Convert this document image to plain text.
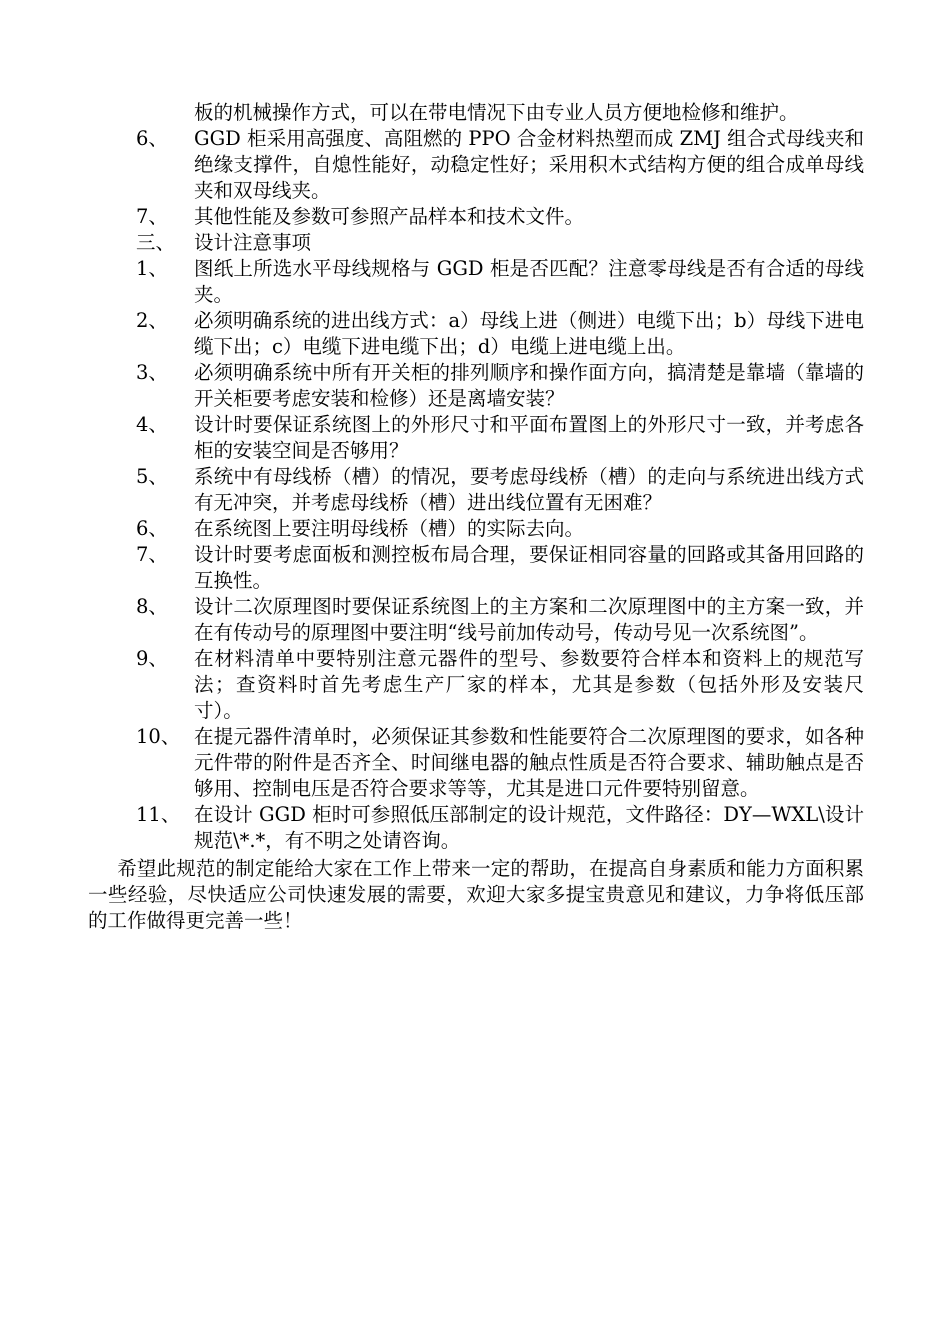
板的机械操作方式，可以在带电情况下由专业人员方便地检修和维护。

6、 GGD 柜采用高强度、高阻燃的 PPO 合金材料热塑而成 ZMJ 组合式母线夹和绝缘支撑件，自熄性能好，动稳定性好；采用积木式结构方便的组合成单母线夹和双母线夹。
7、 其他性能及参数可参照产品样本和技术文件。
三、 设计注意事项
1、 图纸上所选水平母线规格与 GGD 柜是否匹配？注意零母线是否有合适的母线夹。
2、 必须明确系统的进出线方式：a）母线上进（侧进）电缆下出；b）母线下进电缆下出；c）电缆下进电缆下出；d）电缆上进电缆上出。
3、 必须明确系统中所有开关柜的排列顺序和操作面方向，搞清楚是靠墙（靠墙的开关柜要考虑安装和检修）还是离墙安装？
4、 设计时要保证系统图上的外形尺寸和平面布置图上的外形尺寸一致，并考虑各柜的安装空间是否够用？
5、 系统中有母线桥（槽）的情况，要考虑母线桥（槽）的走向与系统进出线方式有无冲突，并考虑母线桥（槽）进出线位置有无困难？
6、 在系统图上要注明母线桥（槽）的实际去向。
7、 设计时要考虑面板和测控板布局合理，要保证相同容量的回路或其备用回路的互换性。
8、 设计二次原理图时要保证系统图上的主方案和二次原理图中的主方案一致，并在有传动号的原理图中要注明“线号前加传动号，传动号见一次系统图”。
9、 在材料清单中要特别注意元器件的型号、参数要符合样本和资料上的规范写法；查资料时首先考虑生产厂家的样本，尤其是参数（包括外形及安装尺寸）。
10、 在提元器件清单时，必须保证其参数和性能要符合二次原理图的要求，如各种元件带的附件是否齐全、时间继电器的触点性质是否符合要求、辅助触点是否够用、控制电压是否符合要求等等，尤其是进口元件要特别留意。
11、 在设计 GGD 柜时可参照低压部制定的设计规范，文件路径：DY—WXL\设计规范\*.*，有不明之处请咨询。

希望此规范的制定能给大家在工作上带来一定的帮助，在提高自身素质和能力方面积累一些经验，尽快适应公司快速发展的需要，欢迎大家多提宝贵意见和建议，力争将低压部的工作做得更完善一些！
